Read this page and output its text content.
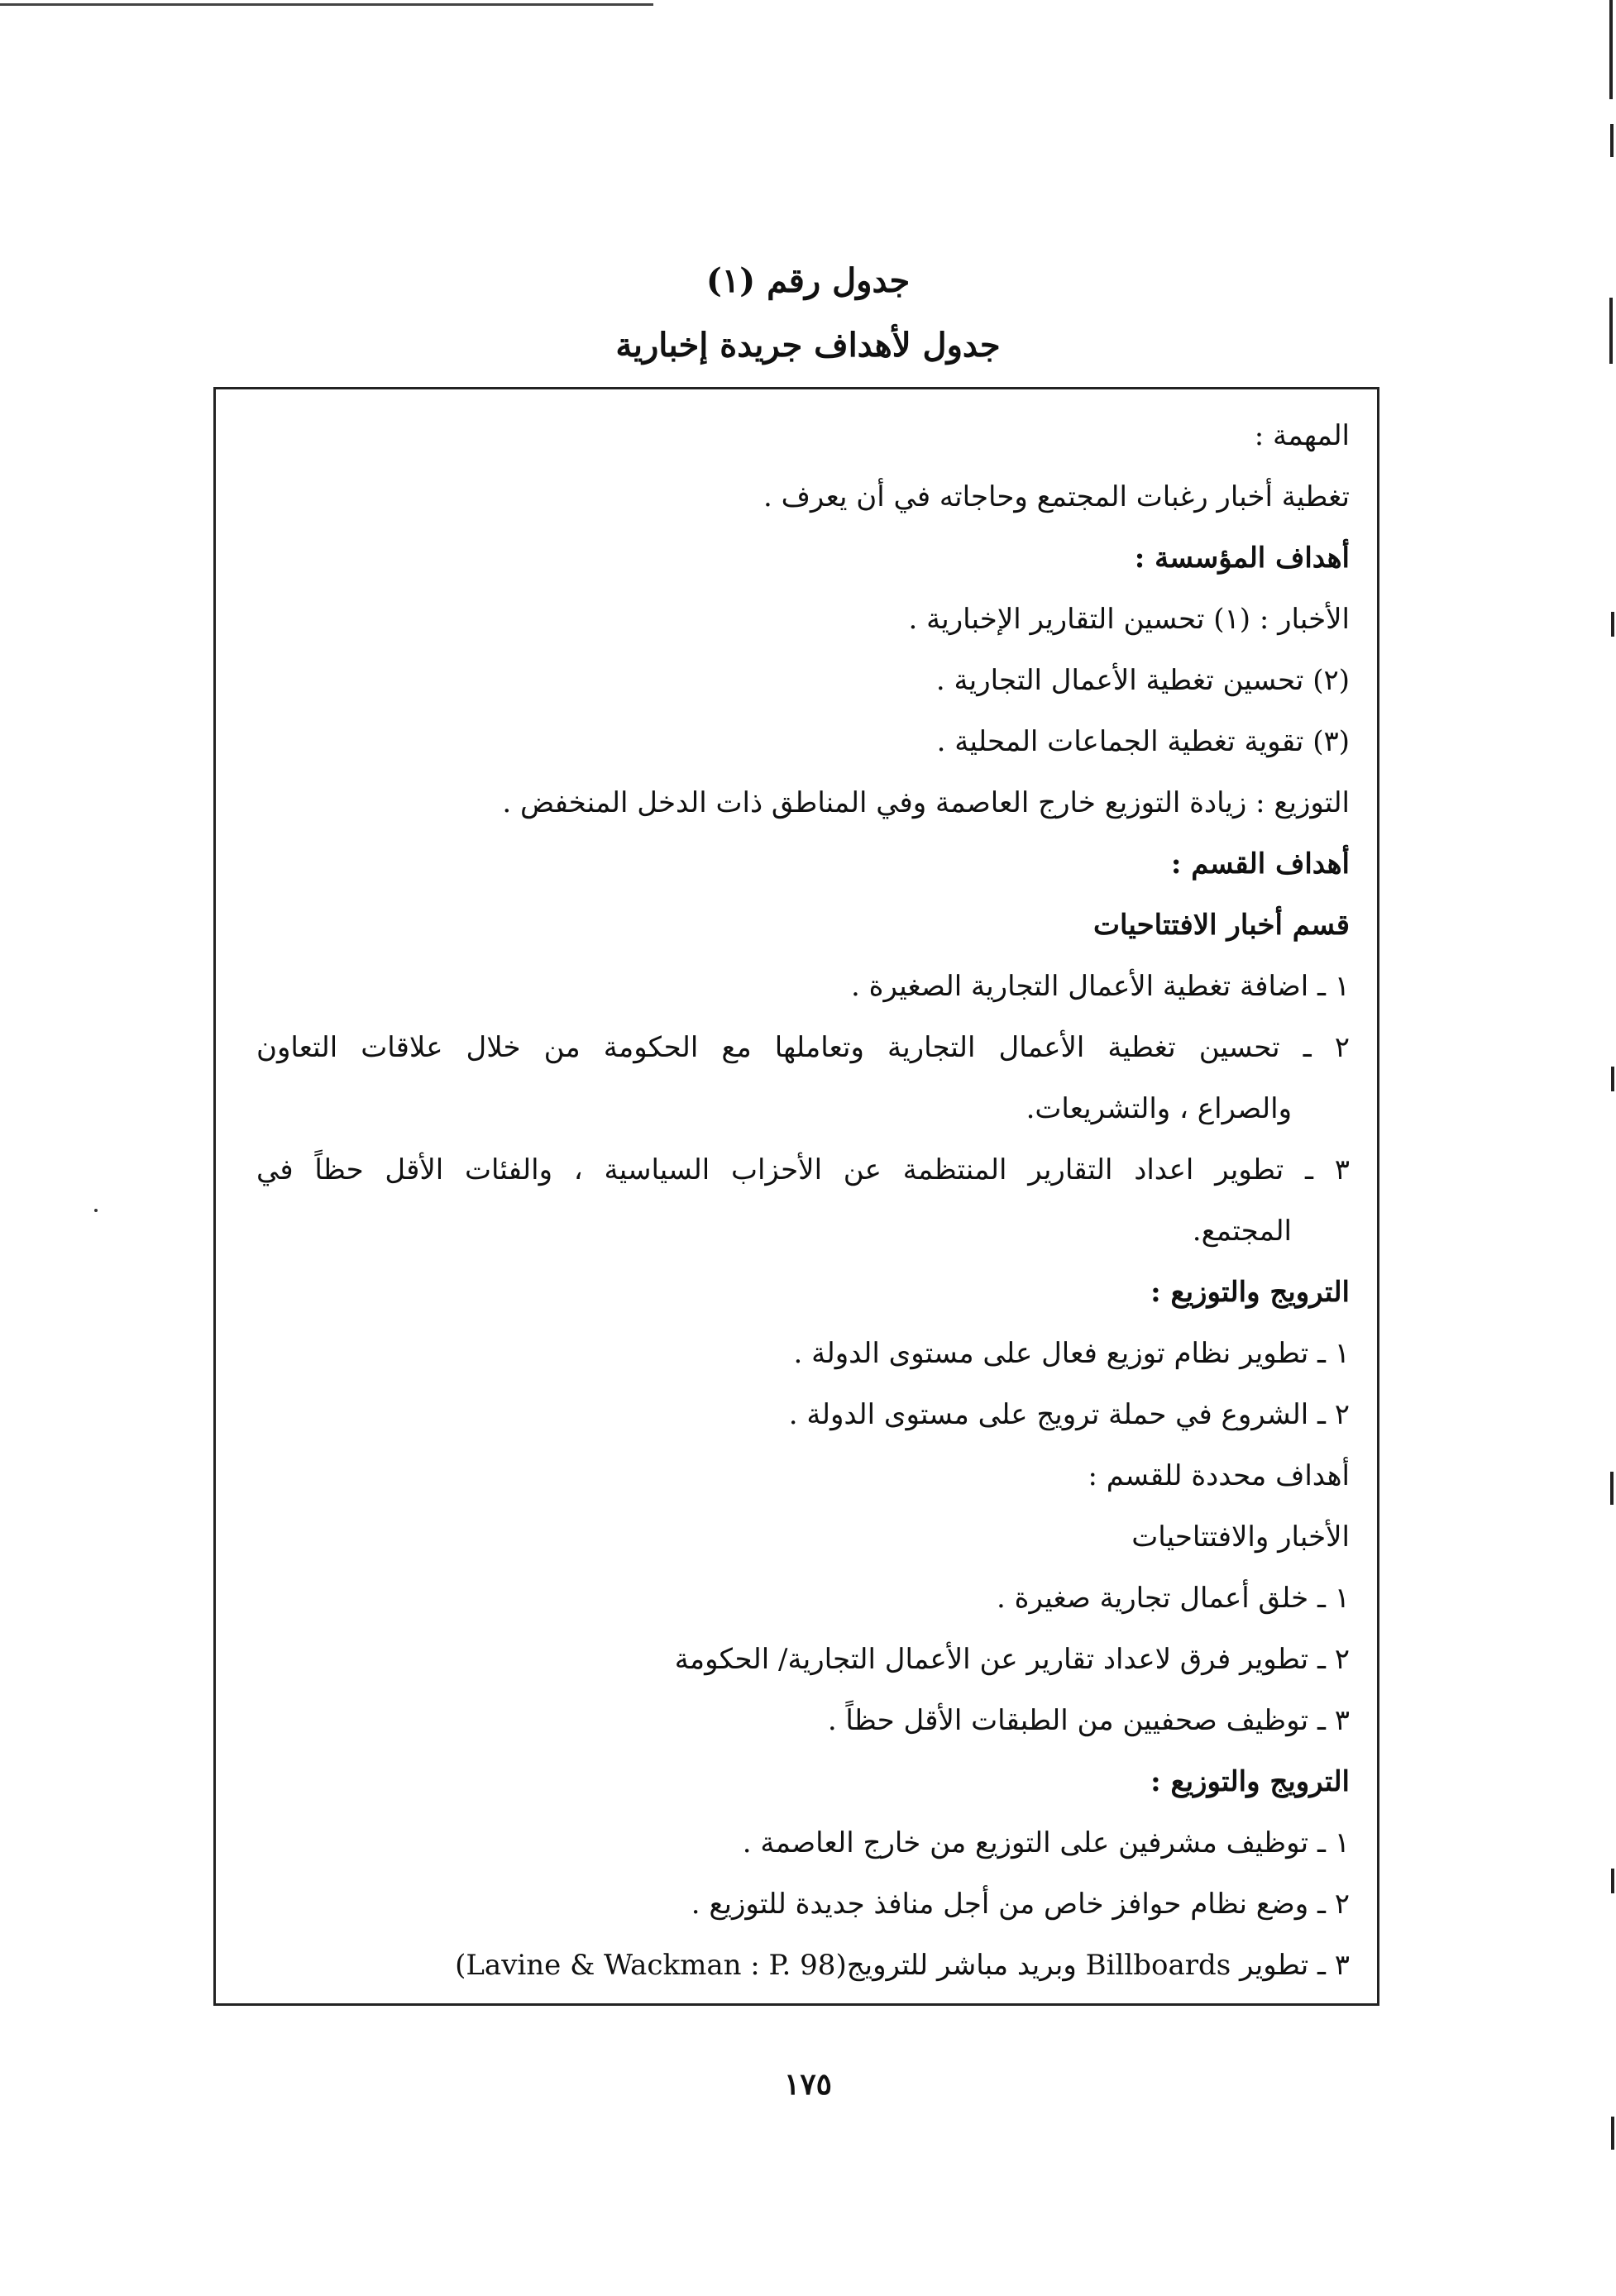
جدول رقم (١)
جدول لأهداف جريدة إخبارية
المهمة :
تغطية أخبار رغبات المجتمع وحاجاته في أن يعرف .
أهداف المؤسسة :
الأخبار : (١) تحسين التقارير الإخبارية .
(٢) تحسين تغطية الأعمال التجارية .
(٣) تقوية تغطية الجماعات المحلية .
التوزيع : زيادة التوزيع خارج العاصمة وفي المناطق ذات الدخل المنخفض .
أهداف القسم :
قسم أخبار الافتتاحيات
١ ـ اضافة تغطية الأعمال التجارية الصغيرة .
٢ ـ تحسين تغطية الأعمال التجارية وتعاملها مع الحكومة من خلال علاقات التعاون
والصراع ، والتشريعات.
٣ ـ تطوير اعداد التقارير المنتظمة عن الأحزاب السياسية ، والفئات الأقل حظاً في
المجتمع.
الترويج والتوزيع :
١ ـ تطوير نظام توزيع فعال على مستوى الدولة .
٢ ـ الشروع في حملة ترويج على مستوى الدولة .
أهداف محددة للقسم :
الأخبار والافتتاحيات
١ ـ خلق أعمال تجارية صغيرة .
٢ ـ تطوير فرق لاعداد تقارير عن الأعمال التجارية/ الحكومة
٣ ـ توظيف صحفيين من الطبقات الأقل حظاً .
الترويج والتوزيع :
١ ـ توظيف مشرفين على التوزيع من خارج العاصمة .
٢ ـ وضع نظام حوافز خاص من أجل منافذ جديدة للتوزيع .
٣ ـ تطوير Billboards وبريد مباشر للترويج(Lavine & Wackman : P. 98)
١٧٥
